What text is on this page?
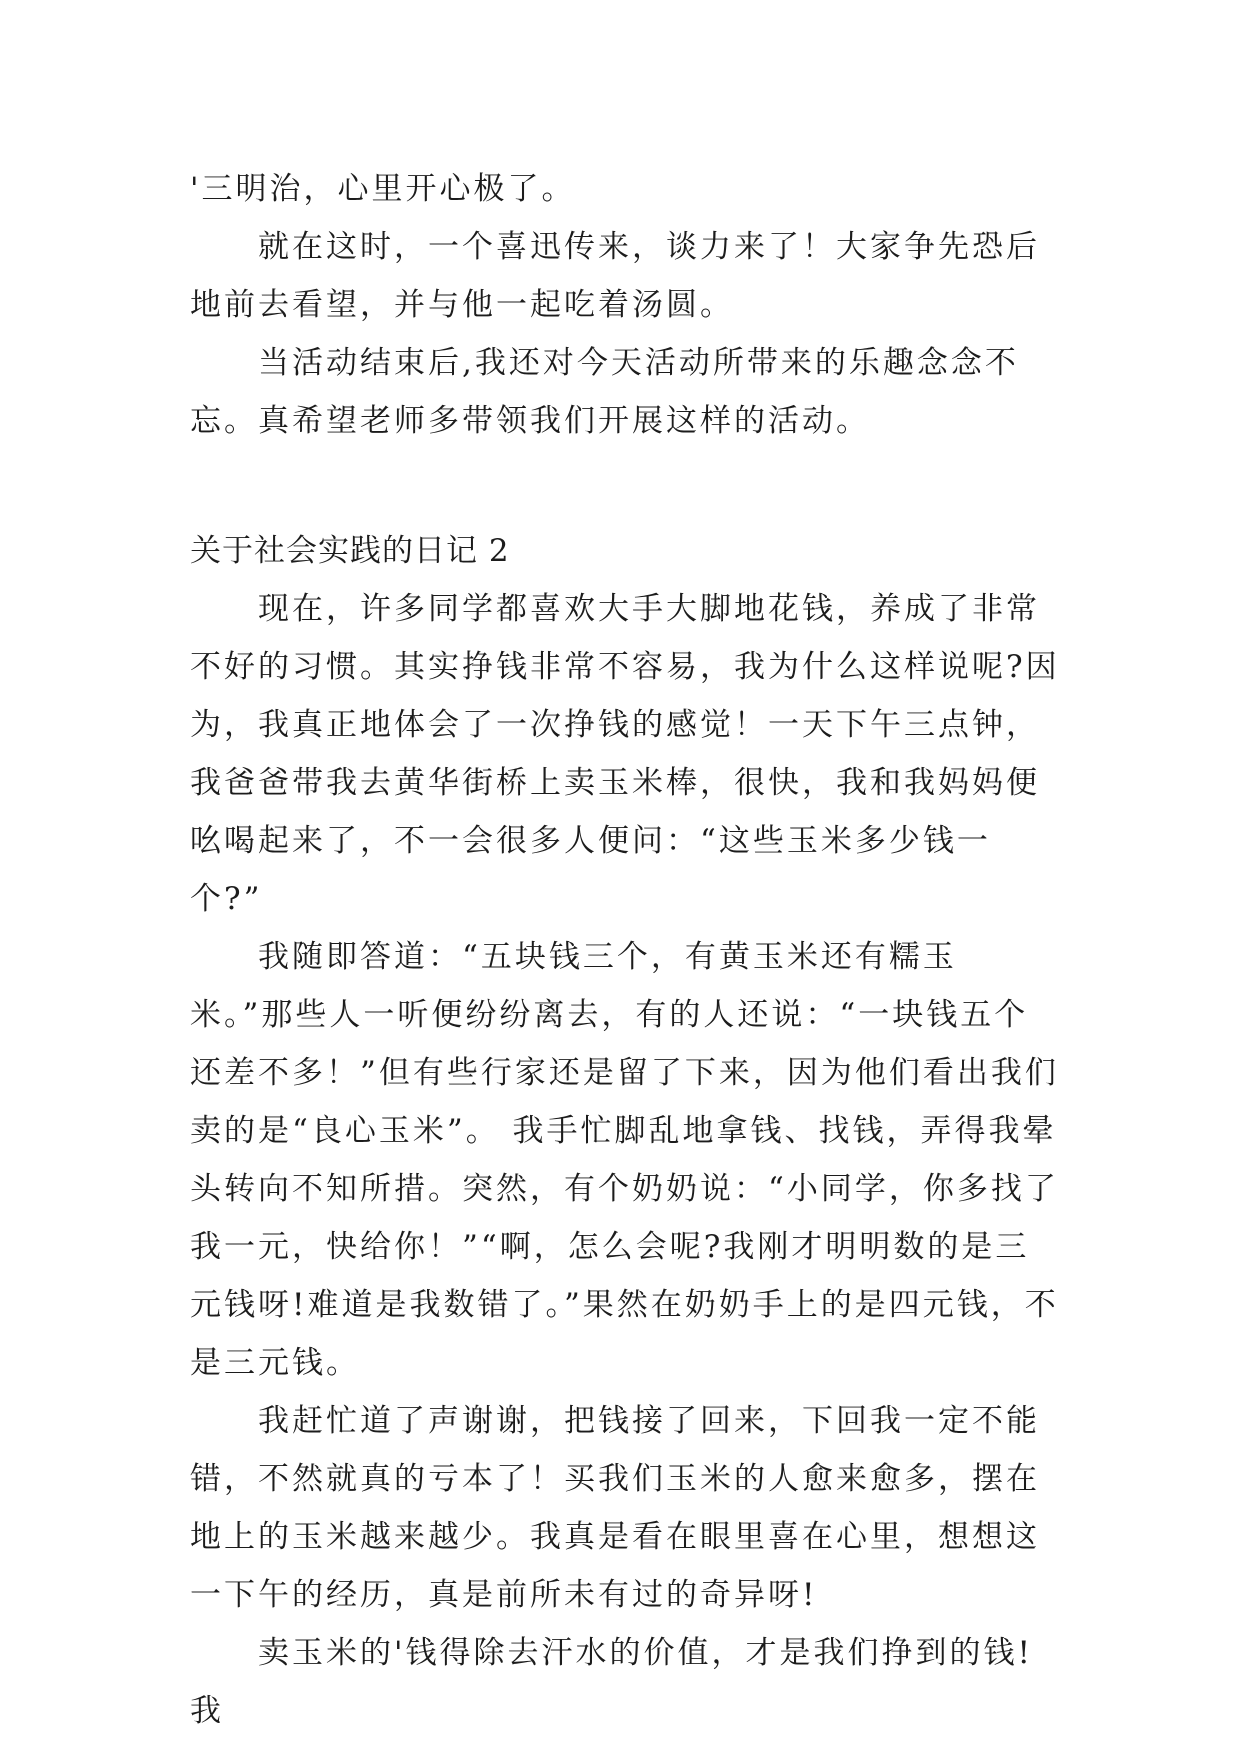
'三明治，心里开心极了。

就在这时，一个喜迅传来，谈力来了！大家争先恐后地前去看望，并与他一起吃着汤圆。

当活动结束后,我还对今天活动所带来的乐趣念念不忘。真希望老师多带领我们开展这样的活动。

关于社会实践的日记 2

现在，许多同学都喜欢大手大脚地花钱，养成了非常不好的习惯。其实挣钱非常不容易，我为什么这样说呢?因为，我真正地体会了一次挣钱的感觉！一天下午三点钟，我爸爸带我去黄华街桥上卖玉米棒，很快，我和我妈妈便吆喝起来了，不一会很多人便问：“这些玉米多少钱一个?”

我随即答道：“五块钱三个，有黄玉米还有糯玉米。”那些人一听便纷纷离去，有的人还说：“一块钱五个还差不多！”但有些行家还是留了下来，因为他们看出我们卖的是“良心玉米”。 我手忙脚乱地拿钱、找钱，弄得我晕头转向不知所措。突然，有个奶奶说：“小同学，你多找了我一元，快给你！”“啊，怎么会呢?我刚才明明数的是三元钱呀!难道是我数错了。”果然在奶奶手上的是四元钱，不是三元钱。

我赶忙道了声谢谢，把钱接了回来，下回我一定不能错，不然就真的亏本了！买我们玉米的人愈来愈多，摆在地上的玉米越来越少。我真是看在眼里喜在心里，想想这一下午的经历，真是前所未有过的奇异呀!

卖玉米的'钱得除去汗水的价值，才是我们挣到的钱!我
